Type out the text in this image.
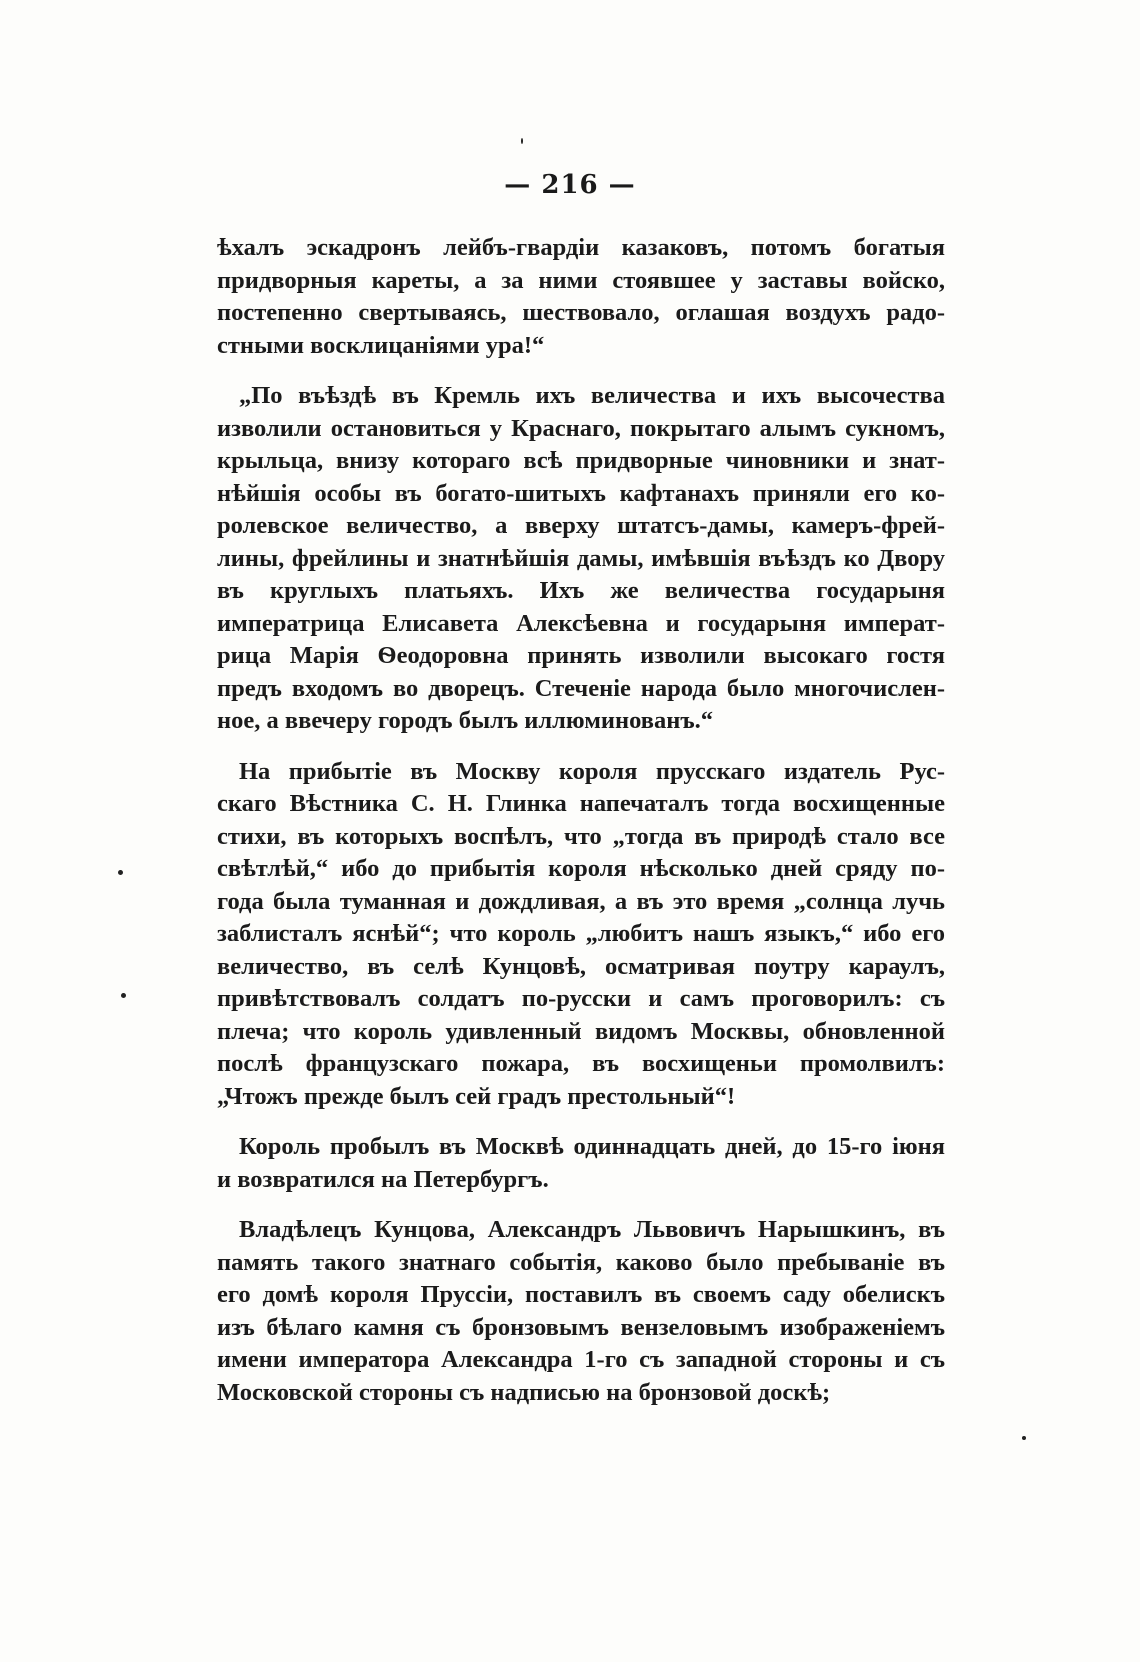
— 216 —
ѣхалъ эскадронъ лейбъ-гвардіи казаковъ, потомъ богатыя
придворныя кареты, а за ними стоявшее у заставы войско,
постепенно свертываясь, шествовало, оглашая воздухъ радо-
стными восклицаніями ура!“
„По въѣздѣ въ Кремль ихъ величества и ихъ высочества
изволили остановиться у Краснаго, покрытаго алымъ сукномъ,
крыльца, внизу котораго всѣ придворные чиновники и знат-
нѣйшія особы въ богато-шитыхъ кафтанахъ приняли его ко-
ролевское величество, а вверху штатсъ-дамы, камеръ-фрей-
лины, фрейлины и знатнѣйшія дамы, имѣвшія въѣздъ ко Двору
въ круглыхъ платьяхъ. Ихъ же величества государыня
императрица Елисавета Алексѣевна и государыня императ-
рица Марія Ѳеодоровна принять изволили высокаго гостя
предъ входомъ во дворецъ. Стеченіе народа было многочислен-
ное, а ввечеру городъ былъ иллюминованъ.“
На прибытіе въ Москву короля прусскаго издатель Рус-
скаго Вѣстника С. Н. Глинка напечаталъ тогда восхищенные
стихи, въ которыхъ воспѣлъ, что „тогда въ природѣ стало все
свѣтлѣй,“ ибо до прибытія короля нѣсколько дней сряду по-
года была туманная и дождливая, а въ это время „солнца лучь
заблисталъ яснѣй“; что король „любитъ нашъ языкъ,“ ибо его
величество, въ селѣ Кунцовѣ, осматривая поутру караулъ,
привѣтствовалъ солдатъ по-русски и самъ проговорилъ: съ
плеча; что король удивленный видомъ Москвы, обновленной
послѣ французскаго пожара, въ восхищеньи промолвилъ:
„Чтожъ прежде былъ сей градъ престольный“!
Король пробылъ въ Москвѣ одиннадцать дней, до 15-го іюня
и возвратился на Петербургъ.
Владѣлецъ Кунцова, Александръ Львовичъ Нарышкинъ, въ
память такого знатнаго событія, каково было пребываніе въ
его домѣ короля Пруссіи, поставилъ въ своемъ саду обелискъ
изъ бѣлаго камня съ бронзовымъ вензеловымъ изображеніемъ
имени императора Александра 1-го съ западной стороны и съ
Московской стороны съ надписью на бронзовой доскѣ;
